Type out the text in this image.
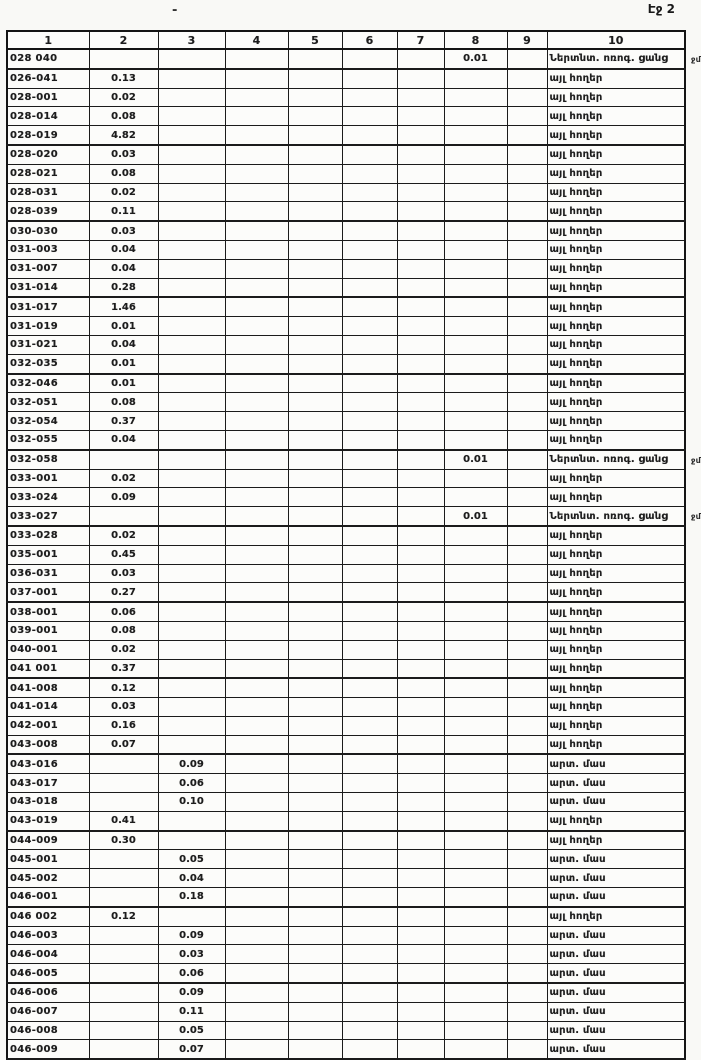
-	Էջ 2
1	2	3	4	5	6	7	8	9	10
028 040							0.01		Ներտնտ. ոռոգ. ցանց ջմ

026-041	0.13								այլ հողեր
028-001	0.02								այլ հողեր
028-014	0.08								այլ հողեր
028-019	4.82								այլ հողեր
028-020	0.03								այլ հողեր
028-021	0.08								այլ հողեր
028-031	0.02								այլ հողեր
028-039	0.11								այլ հողեր
030-030	0.03								այլ հողեր
031-003	0.04								այլ հողեր
031-007	0.04								այլ հողեր
031-014	0.28								այլ հողեր
031-017	1.46								այլ հողեր
031-019	0.01								այլ հողեր
031-021	0.04								այլ հողեր
032-035	0.01								այլ հողեր
032-046	0.01								այլ հողեր
032-051	0.08								այլ հողեր
032-054	0.37								այլ հողեր
032-055	0.04								այլ հողեր
032-058							0.01		Ներտնտ. ոռոգ. ցանց ջմ

033-001	0.02								այլ հողեր
033-024	0.09								այլ հողեր
033-027							0.01		Ներտնտ. ոռոգ. ցանց ջմ

033-028	0.02								այլ հողեր
035-001	0.45								այլ հողեր
036-031	0.03								այլ հողեր
037-001	0.27								այլ հողեր
038-001	0.06								այլ հողեր
039-001	0.08								այլ հողեր
040-001	0.02								այլ հողեր
041 001	0.37								այլ հողեր
041-008	0.12								այլ հողեր
041-014	0.03								այլ հողեր
042-001	0.16								այլ հողեր
043-008	0.07								այլ հողեր
043-016		0.09							արտ. մաս
043-017		0.06							արտ. մաս
043-018		0.10							արտ. մաս
043-019	0.41								այլ հողեր
044-009	0.30								այլ հողեր
045-001		0.05							արտ. մաս
045-002		0.04							արտ. մաս
046-001		0.18							արտ. մաս
046 002	0.12								այլ հողեր
046-003		0.09							արտ. մաս
046-004		0.03							արտ. մաս
046-005		0.06							արտ. մաս
046-006		0.09							արտ. մաս
046-007		0.11							արտ. մաս
046-008		0.05							արտ. մաս
046-009		0.07							արտ. մաս
